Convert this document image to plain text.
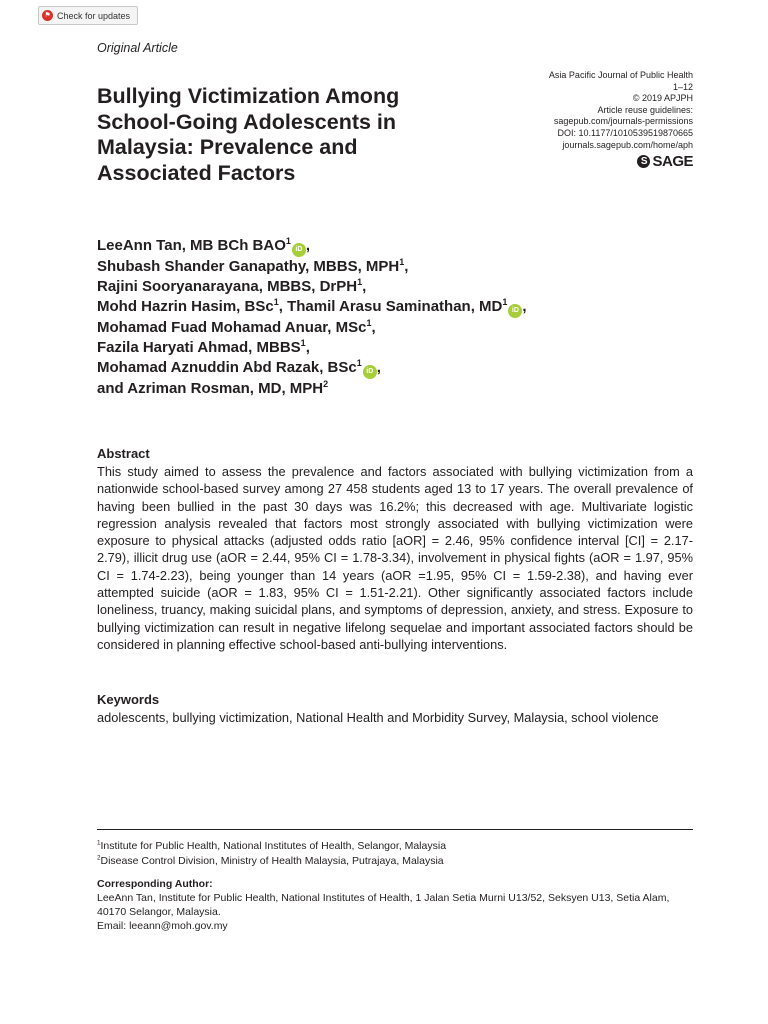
⚑ Check for updates
Original Article
Bullying Victimization Among School-Going Adolescents in Malaysia: Prevalence and Associated Factors
Asia Pacific Journal of Public Health
1–12
© 2019 APJPH
Article reuse guidelines:
sagepub.com/journals-permissions
DOI: 10.1177/1010539519870665
journals.sagepub.com/home/aph
S SAGE
LeeAnn Tan, MB BCh BAO$^1$iD ,
Shubash Shander Ganapathy, MBBS, MPH$^1$,
Rajini Sooryanarayana, MBBS, DrPH$^1$,
Mohd Hazrin Hasim, BSc$^1$, Thamil Arasu Saminathan, $MD^1iD$ ,
Mohamad Fuad Mohamad Anuar, MSc$^1$,
Fazila Haryati Ahmad, MBBS$^1$,
Mohamad Aznuddin Abd Razak, BSc$^1$iD ,
and Azriman Rosman, MD, MPH$^2$
Abstract

This study aimed to assess the prevalence and factors associated with bullying victimization from a nationwide school-based survey among 27 458 students aged 13 to 17 years. The overall prevalence of having been bullied in the past 30 days was 16.2%; this decreased with age. Multivariate logistic regression analysis revealed that factors most strongly associated with bullying victimization were exposure to physical attacks (adjusted odds ratio [aOR] = 2.46, 95% confidence interval [CI] = 2.17-2.79), illicit drug use (aOR = 2.44, 95% CI = 1.78-3.34), involvement in physical fights (aOR = 1.97, 95% CI = 1.74-2.23), being younger than 14 years (aOR =1.95, 95% CI = 1.59-2.38), and having ever attempted suicide (aOR = 1.83, 95% CI = 1.51-2.21). Other significantly associated factors include loneliness, truancy, making suicidal plans, and symptoms of depression, anxiety, and stress. Exposure to bullying victimization can result in negative lifelong sequelae and important associated factors should be considered in planning effective school-based anti-bullying interventions.

Keywords

adolescents, bullying victimization, National Health and Morbidity Survey, Malaysia, school violence

$^1$Institute for Public Health, National Institutes of Health, Selangor, Malaysia
$^2$Disease Control Division, Ministry of Health Malaysia, Putrajaya, Malaysia
Corresponding Author:
LeeAnn Tan, Institute for Public Health, National Institutes of Health, 1 Jalan Setia Murni U13/52, Seksyen U13, Setia Alam, 40170 Selangor, Malaysia.
Email: leeann@moh.gov.my
